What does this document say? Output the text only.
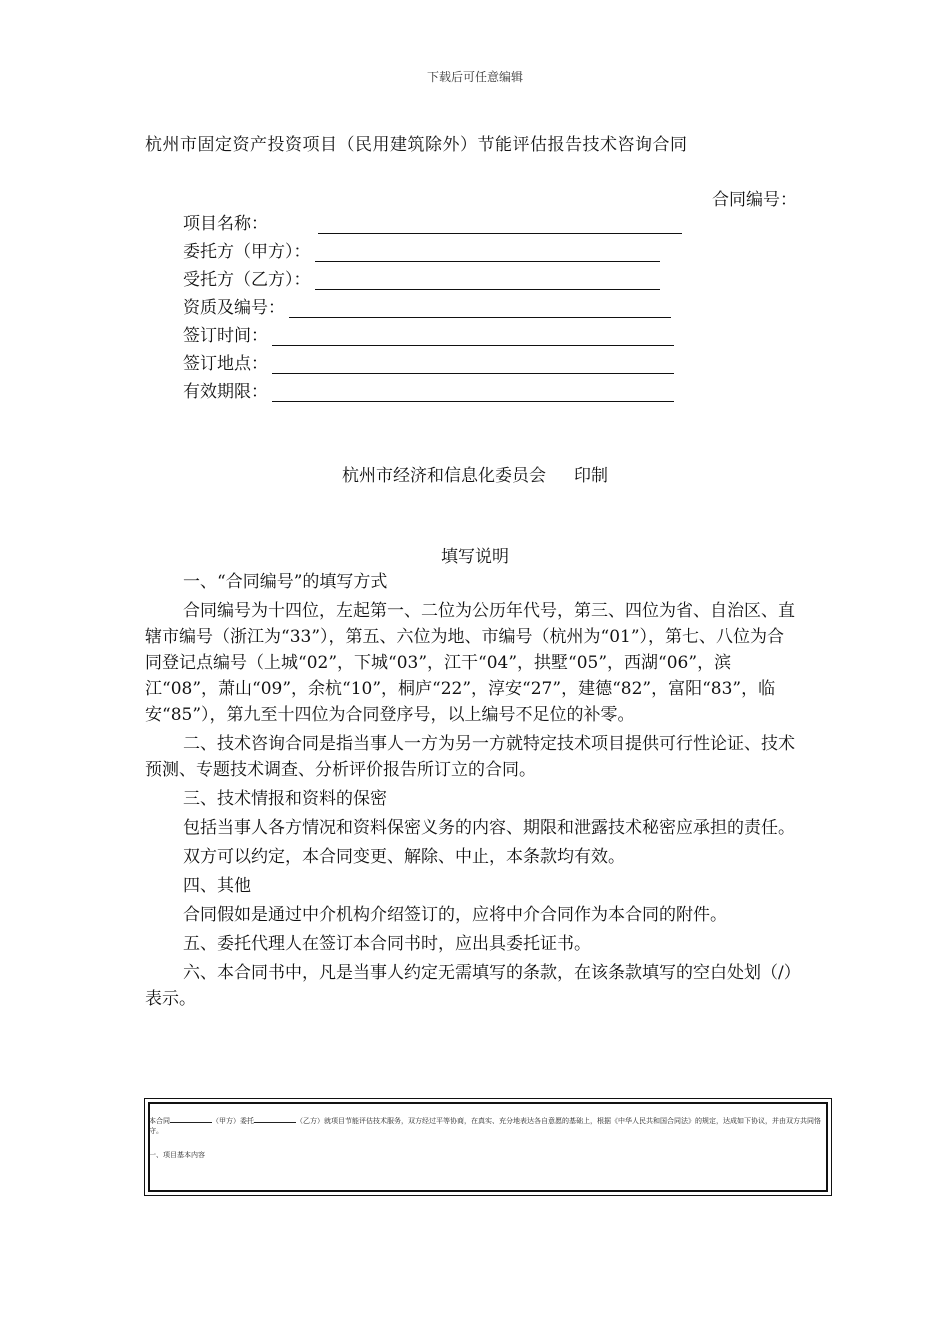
下载后可任意编辑
杭州市固定资产投资项目（民用建筑除外）节能评估报告技术咨询合同
合同编号：
项目名称：
委托方（甲方）：
受托方（乙方）：
资质及编号：
签订时间：
签订地点：
有效期限：
杭州市经济和信息化委员会 印制
填写说明

一、“合同编号”的填写方式

合同编号为十四位，左起第一、二位为公历年代号，第三、四位为省、自治区、直辖市编号（浙江为“33”），第五、六位为地、市编号（杭州为“01”），第七、八位为合同登记点编号（上城“02”，下城“03”，江干“04”，拱墅“05”，西湖“06”，滨江“08”，萧山“09”，余杭“10”，桐庐“22”，淳安“27”，建德“82”，富阳“83”，临安“85”），第九至十四位为合同登序号，以上编号不足位的补零。

二、技术咨询合同是指当事人一方为另一方就特定技术项目提供可行性论证、技术预测、专题技术调查、分析评价报告所订立的合同。

三、技术情报和资料的保密

包括当事人各方情况和资料保密义务的内容、期限和泄露技术秘密应承担的责任。

双方可以约定，本合同变更、解除、中止，本条款均有效。

四、其他

合同假如是通过中介机构介绍签订的，应将中介合同作为本合同的附件。

五、委托代理人在签订本合同书时，应出具委托证书。

六、本合同书中，凡是当事人约定无需填写的条款，在该条款填写的空白处划（/）表示。

本合同	（甲方）委托	（乙方）就项目节能评估技术服务，双方经过平等协商，在真实、充分地表达各自意愿的基础上，根据《中华人民共和国合同法》的规定，达成如下协议，并由双方共同恪守。

一、项目基本内容
